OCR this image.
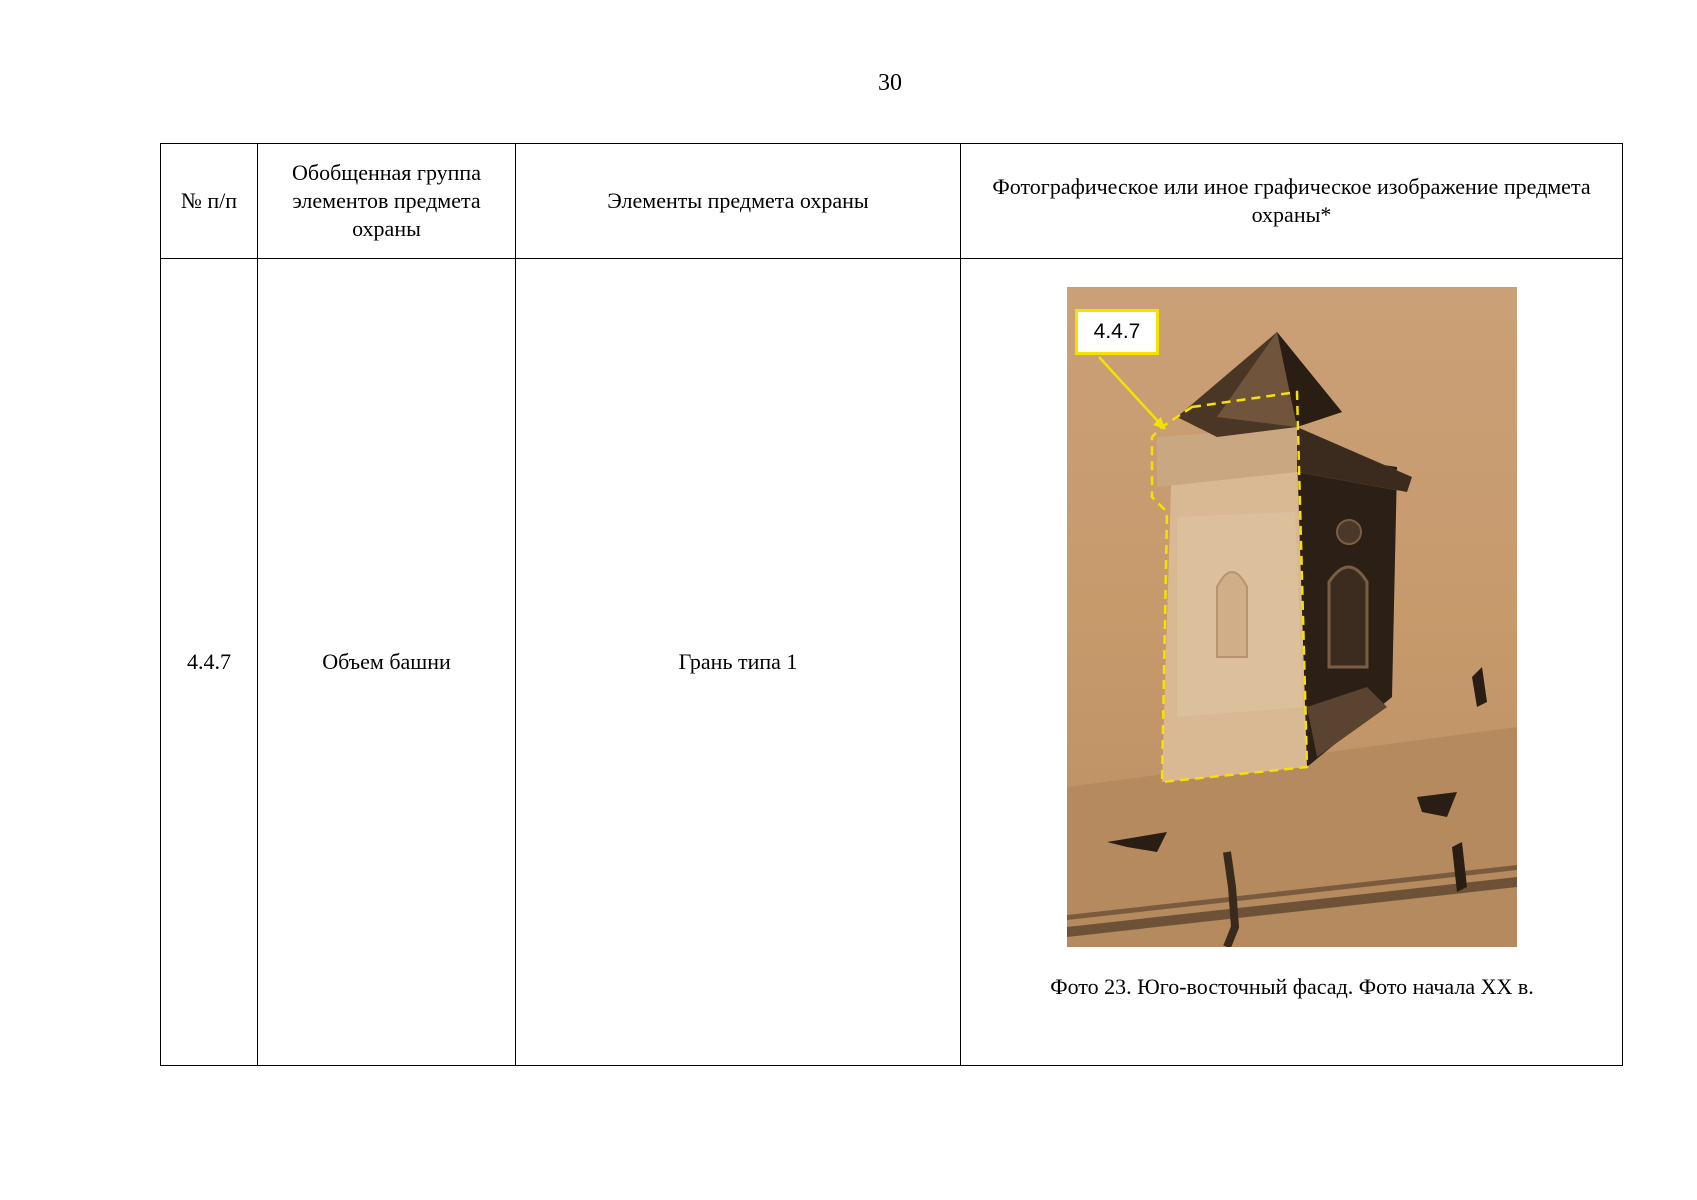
30
№ п/п	Обобщенная группа элементов предмета охраны	Элементы предмета охраны	Фотографическое или иное графическое изображение предмета охраны*
4.4.7	Объем башни	Грань типа 1	4.4.7
Фото 23. Юго-восточный фасад. Фото начала XX в.
